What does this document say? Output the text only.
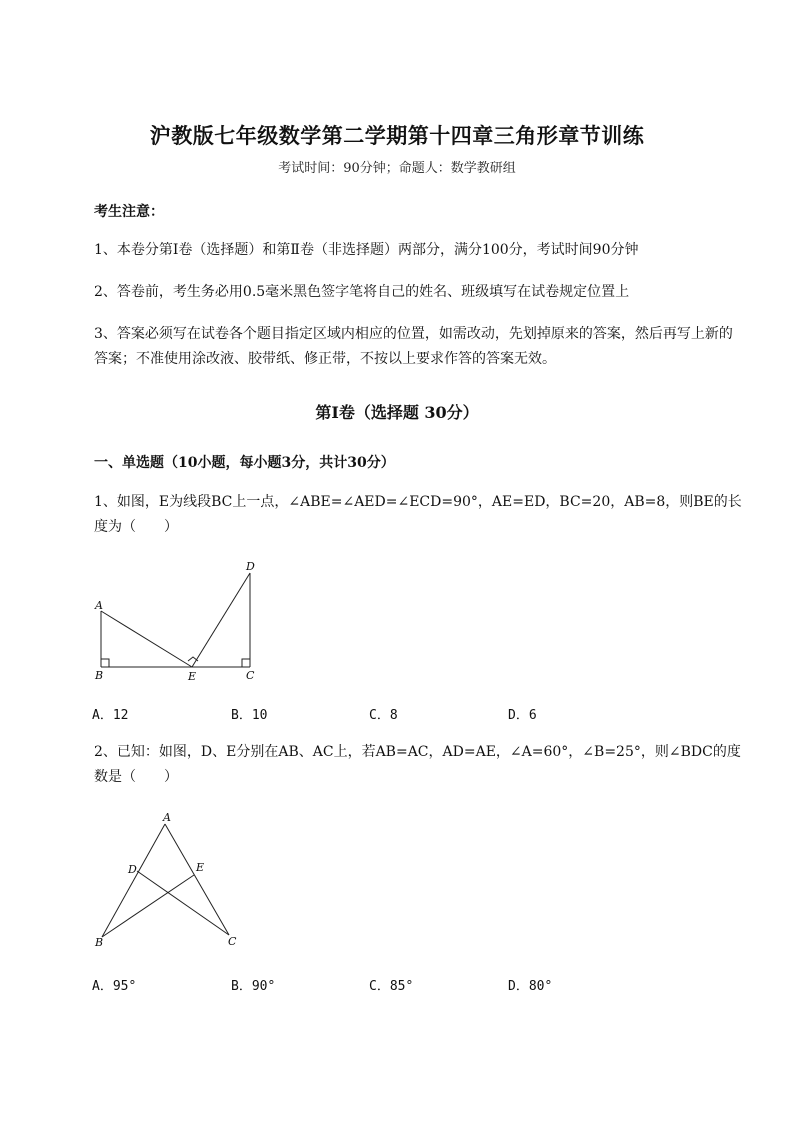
沪教版七年级数学第二学期第十四章三角形章节训练
考试时间：90分钟；命题人：数学教研组
考生注意：
1、本卷分第I卷（选择题）和第Ⅱ卷（非选择题）两部分，满分100分，考试时间90分钟
2、答卷前，考生务必用0.5毫米黑色签字笔将自己的姓名、班级填写在试卷规定位置上
3、答案必须写在试卷各个题目指定区域内相应的位置，如需改动，先划掉原来的答案，然后再写上新的答案；不准使用涂改液、胶带纸、修正带，不按以上要求作答的答案无效。
第I卷（选择题 30分）
一、单选题（10小题，每小题3分，共计30分）
1、如图，E为线段BC上一点，∠ABE=∠AED=∠ECD=90°，AE=ED，BC=20，AB=8，则BE的长度为（　　）
A
B	E	C
D
A．12	B．10	C．8	D．6
2、已知：如图，D、E分别在AB、AC上，若AB=AC，AD=AE，∠A=60°，∠B=25°，则∠BDC的度数是（　　）
A
D	E
B	C
A．95°	B．90°	C．85°	D．80°
